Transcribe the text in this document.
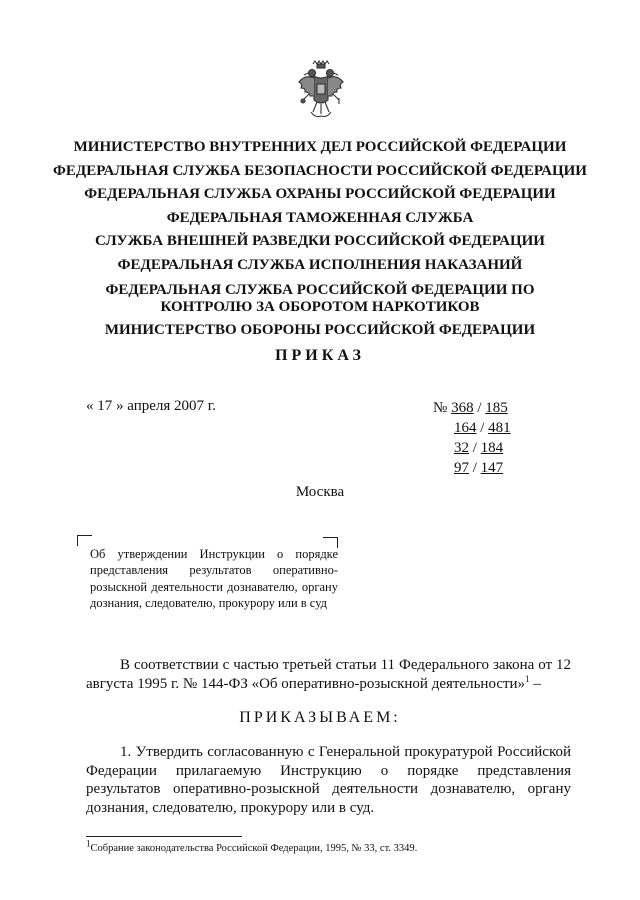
МИНИСТЕРСТВО ВНУТРЕННИХ ДЕЛ РОССИЙСКОЙ ФЕДЕРАЦИИ
ФЕДЕРАЛЬНАЯ СЛУЖБА БЕЗОПАСНОСТИ РОССИЙСКОЙ ФЕДЕРАЦИИ
ФЕДЕРАЛЬНАЯ СЛУЖБА ОХРАНЫ РОССИЙСКОЙ ФЕДЕРАЦИИ
ФЕДЕРАЛЬНАЯ ТАМОЖЕННАЯ СЛУЖБА
СЛУЖБА ВНЕШНЕЙ РАЗВЕДКИ РОССИЙСКОЙ ФЕДЕРАЦИИ
ФЕДЕРАЛЬНАЯ СЛУЖБА ИСПОЛНЕНИЯ НАКАЗАНИЙ
ФЕДЕРАЛЬНАЯ СЛУЖБА РОССИЙСКОЙ ФЕДЕРАЦИИ ПО
КОНТРОЛЮ ЗА ОБОРОТОМ НАРКОТИКОВ
МИНИСТЕРСТВО ОБОРОНЫ РОССИЙСКОЙ ФЕДЕРАЦИИ
ПРИКАЗ
« 17 » апреля 2007 г.	№ 368 / 185
164 / 481
32 / 184
97 / 147
Москва
Об утверждении Инструкции о порядке представления результатов оперативно-розыскной деятельности дознавателю, органу дознания, следователю, прокурору или в суд
В соответствии с частью третьей статьи 11 Федерального закона от 12 августа 1995 г. № 144-ФЗ «Об оперативно-розыскной деятельности»$^1$ –
ПРИКАЗЫВАЕМ:
1. Утвердить согласованную с Генеральной прокуратурой Российской Федерации прилагаемую Инструкцию о порядке представления результатов оперативно-розыскной деятельности дознавателю, органу дознания, следователю, прокурору или в суд.
$^1$Собрание законодательства Российской Федерации, 1995, № 33, ст. 3349.
